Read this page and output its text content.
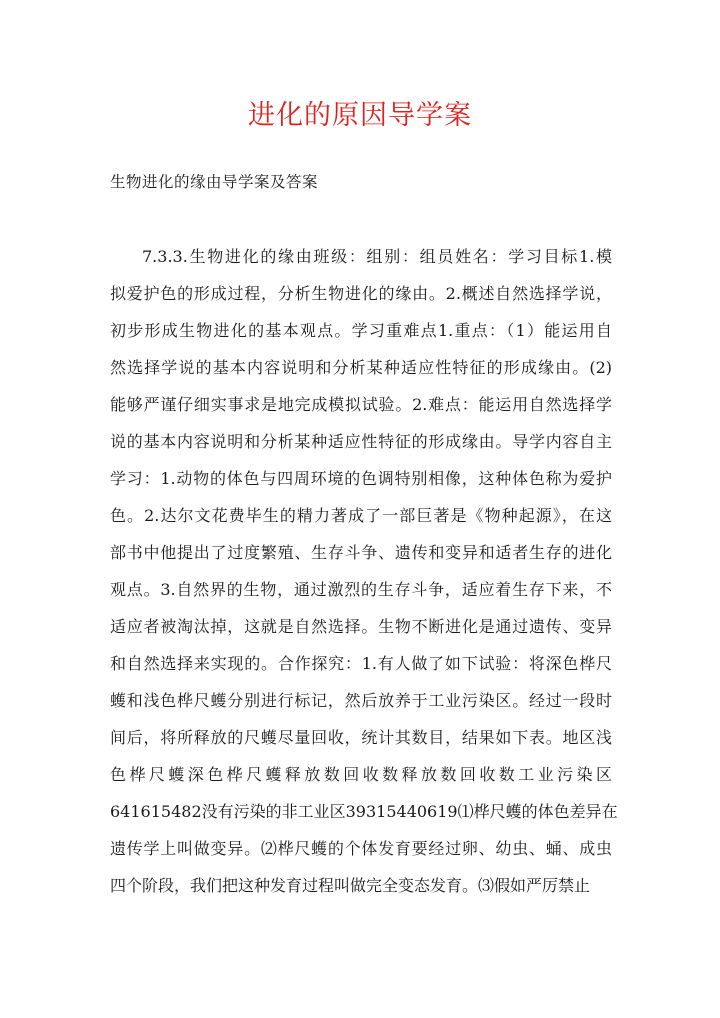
进化的原因导学案
生物进化的缘由导学案及答案
7.3.3.生物进化的缘由班级：组别：组员姓名：学习目标1.模
拟爱护色的形成过程，分析生物进化的缘由。2.概述自然选择学说，
初步形成生物进化的基本观点。学习重难点1.重点：（1）能运用自
然选择学说的基本内容说明和分析某种适应性特征的形成缘由。(2)
能够严谨仔细实事求是地完成模拟试验。2.难点：能运用自然选择学
说的基本内容说明和分析某种适应性特征的形成缘由。导学内容自主
学习：1.动物的体色与四周环境的色调特别相像，这种体色称为爱护
色。2.达尔文花费毕生的精力著成了一部巨著是《物种起源》，在这
部书中他提出了过度繁殖、生存斗争、遗传和变异和适者生存的进化
观点。3.自然界的生物，通过激烈的生存斗争，适应着生存下来，不
适应者被淘汰掉，这就是自然选择。生物不断进化是通过遗传、变异
和自然选择来实现的。合作探究：1.有人做了如下试验：将深色桦尺
蠖和浅色桦尺蠖分别进行标记，然后放养于工业污染区。经过一段时
间后，将所释放的尺蠖尽量回收，统计其数目，结果如下表。地区浅
色桦尺蠖深色桦尺蠖释放数回收数释放数回收数工业污染区
641615482没有污染的非工业区39315440619⑴桦尺蠖的体色差异在
遗传学上叫做变异。⑵桦尺蠖的个体发育要经过卵、幼虫、蛹、成虫
四个阶段，我们把这种发育过程叫做完全变态发育。⑶假如严厉禁止
